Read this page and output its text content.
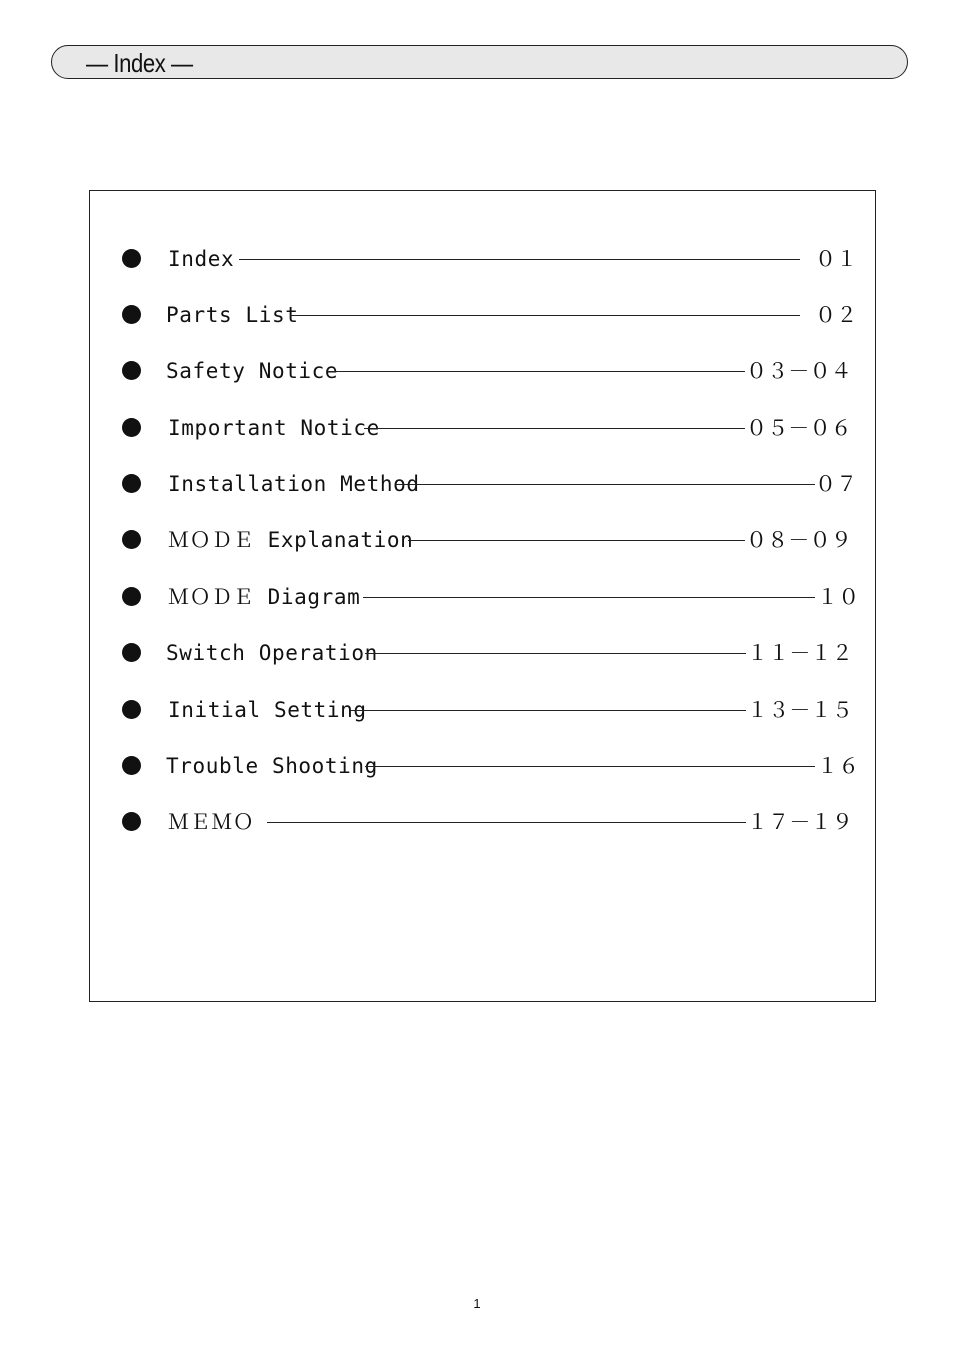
— Index —
Index	０１
Parts List	０２
Safety Notice	０３－０４
Important Notice	０５－０６
Installation Method	０７
ＭＯＤＥ Explanation	０８－０９
ＭＯＤＥ Diagram	１０
Switch Operation	１１－１２
Initial Setting	１３－１５
Trouble Shooting	１６
ＭＥＭＯ	１７－１９
1
